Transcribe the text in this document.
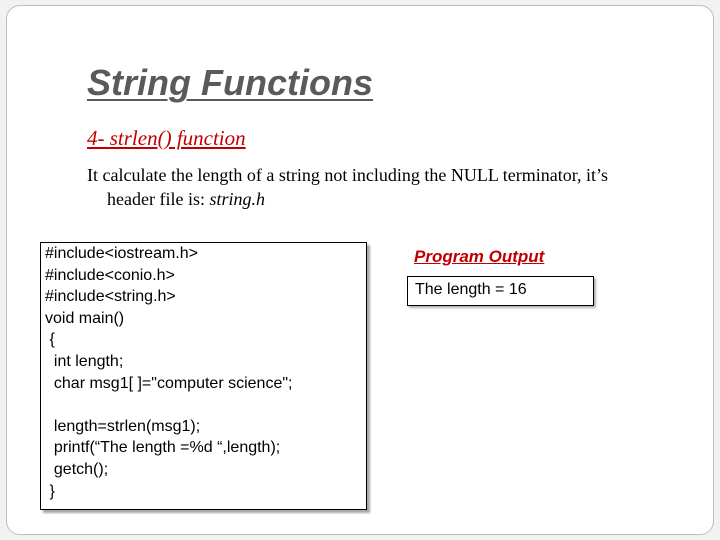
String Functions
4- strlen() function
It calculate the length of a string not including the NULL terminator, it’s
header file is: string.h
#include<iostream.h>
#include<conio.h>
#include<string.h>
void main()
{
int length;
char msg1[ ]="computer science";
length=strlen(msg1);
printf(“The length =%d “,length);
getch();
}
Program Output
The length = 16
